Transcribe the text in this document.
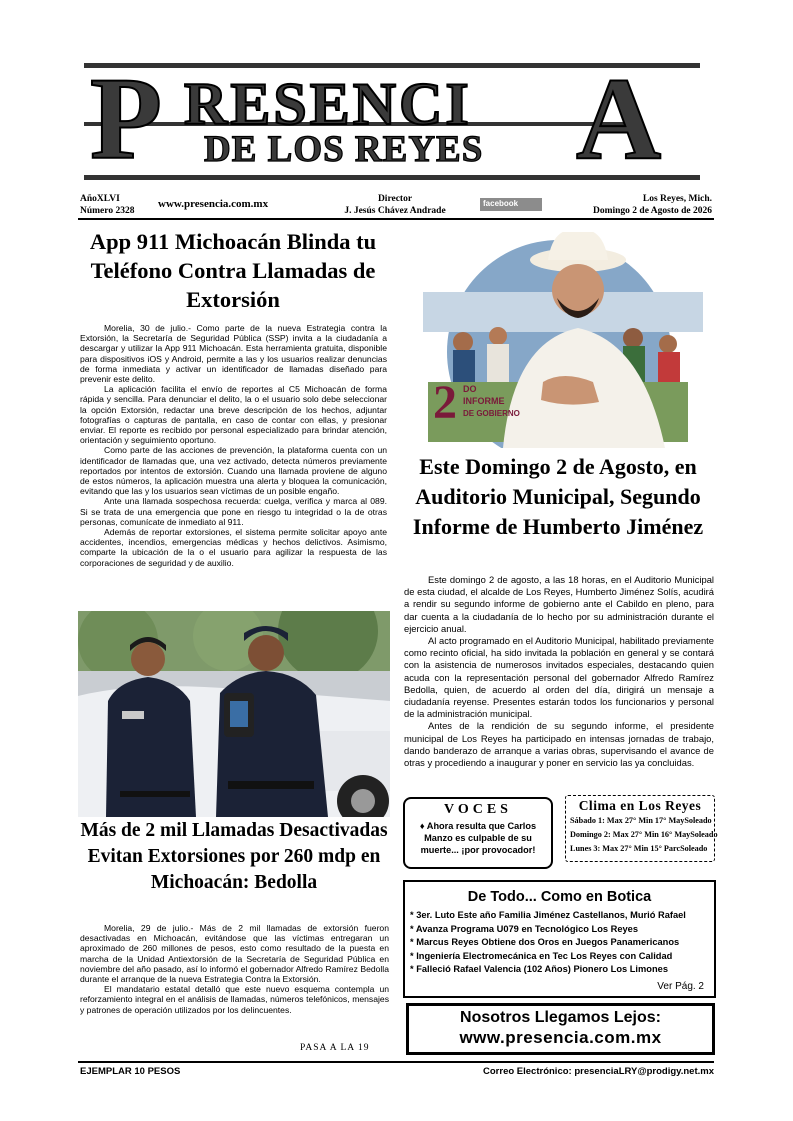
P RESENCI A
DE LOS REYES
AñoXLVI
Número 2328
www.presencia.com.mx	Director
J. Jesús Chávez Andrade
facebook	Los Reyes, Mich.
Domingo 2 de Agosto de 2026
App 911 Michoacán Blinda tu Teléfono Contra Llamadas de Extorsión

Morelia, 30 de julio.- Como parte de la nueva Estrategia contra la Extorsión, la Secretaría de Seguridad Pública (SSP) invita a la ciudadanía a descargar y utilizar la App 911 Michoacán. Esta herramienta gratuita, disponible para dispositivos iOS y Android, permite a las y los usuarios realizar denuncias de forma inmediata y activar un identificador de llamadas diseñado para prevenir este delito.

La aplicación facilita el envío de reportes al C5 Michoacán de forma rápida y sencilla. Para denunciar el delito, la o el usuario solo debe seleccionar la opción Extorsión, redactar una breve descripción de los hechos, adjuntar fotografías o capturas de pantalla, en caso de contar con ellas, y presionar enviar. El reporte es recibido por personal especializado para brindar atención, orientación y seguimiento oportuno.

Como parte de las acciones de prevención, la plataforma cuenta con un identificador de llamadas que, una vez activado, detecta números previamente reportados por intentos de extorsión. Cuando una llamada proviene de alguno de estos números, la aplicación muestra una alerta y bloquea la comunicación, evitando que las y los usuarios sean víctimas de un posible engaño.

Ante una llamada sospechosa recuerda: cuelga, verifica y marca al 089. Si se trata de una emergencia que pone en riesgo tu integridad o la de otras personas, comunícate de inmediato al 911.

Además de reportar extorsiones, el sistema permite solicitar apoyo ante accidentes, incendios, emergencias médicas y hechos delictivos. Asimismo, comparte la ubicación de la o el usuario para agilizar la respuesta de las corporaciones de seguridad y de auxilio.

Más de 2 mil Llamadas Desactivadas Evitan Extorsiones por 260 mdp en Michoacán: Bedolla

Morelia, 29 de julio.- Más de 2 mil llamadas de extorsión fueron desactivadas en Michoacán, evitándose que las víctimas entregaran un aproximado de 260 millones de pesos, esto como resultado de la puesta en marcha de la Unidad Antiextorsión de la Secretaría de Seguridad Pública en noviembre del año pasado, así lo informó el gobernador Alfredo Ramírez Bedolla durante el arranque de la nueva Estrategia Contra la Extorsión.

El mandatario estatal detalló que este nuevo esquema contempla un reforzamiento integral en el análisis de llamadas, números telefónicos, mensajes y patrones de operación utilizados por los delincuentes.

PASA A LA 19
2 DO
INFORME
DE GOBIERNO
Este Domingo 2 de Agosto, en Auditorio Municipal, Segundo Informe de Humberto Jiménez

Este domingo 2 de agosto, a las 18 horas, en el Auditorio Municipal de esta ciudad, el alcalde de Los Reyes, Humberto Jiménez Solís, acudirá a rendir su segundo informe de gobierno ante el Cabildo en pleno, para dar cuenta a la ciudadanía de lo hecho por su administración durante el ejercicio anual.

Al acto programado en el Auditorio Municipal, habilitado previamente como recinto oficial, ha sido invitada la población en general y se contará con la asistencia de numerosos invitados especiales, destacando quien acuda con la representación personal del gobernador Alfredo Ramírez Bedolla, quien, de acuerdo al orden del día, dirigirá un mensaje a ciudadanía reyense. Presentes estarán todos los funcionarios y personal de la administración municipal.

Antes de la rendición de su segundo informe, el presidente municipal de Los Reyes ha participado en intensas jornadas de trabajo, dando banderazo de arranque a varias obras, supervisando el avance de otras y procediendo a inaugurar y poner en servicio las ya concluidas.

VOCES
♦ Ahora resulta que Carlos Manzo es culpable de su muerte... ¡por provocador!
Clima en Los Reyes
Sábado 1: Max 27° Min 17° MaySoleado
Domingo 2: Max 27° Min 16° MaySoleado
Lunes 3: Max 27° Min 15° ParcSoleado
De Todo... Como en Botica
* 3er. Luto Este año Familia Jiménez Castellanos, Murió Rafael
* Avanza Programa U079 en Tecnológico Los Reyes
* Marcus Reyes Obtiene dos Oros en Juegos Panamericanos
* Ingeniería Electromecánica en Tec Los Reyes con Calidad
* Falleció Rafael Valencia (102 Años) Pionero Los Limones
Ver Pág. 2
Nosotros Llegamos Lejos:
www.presencia.com.mx
EJEMPLAR 10 PESOS	Correo Electrónico: presenciaLRY@prodigy.net.mx
